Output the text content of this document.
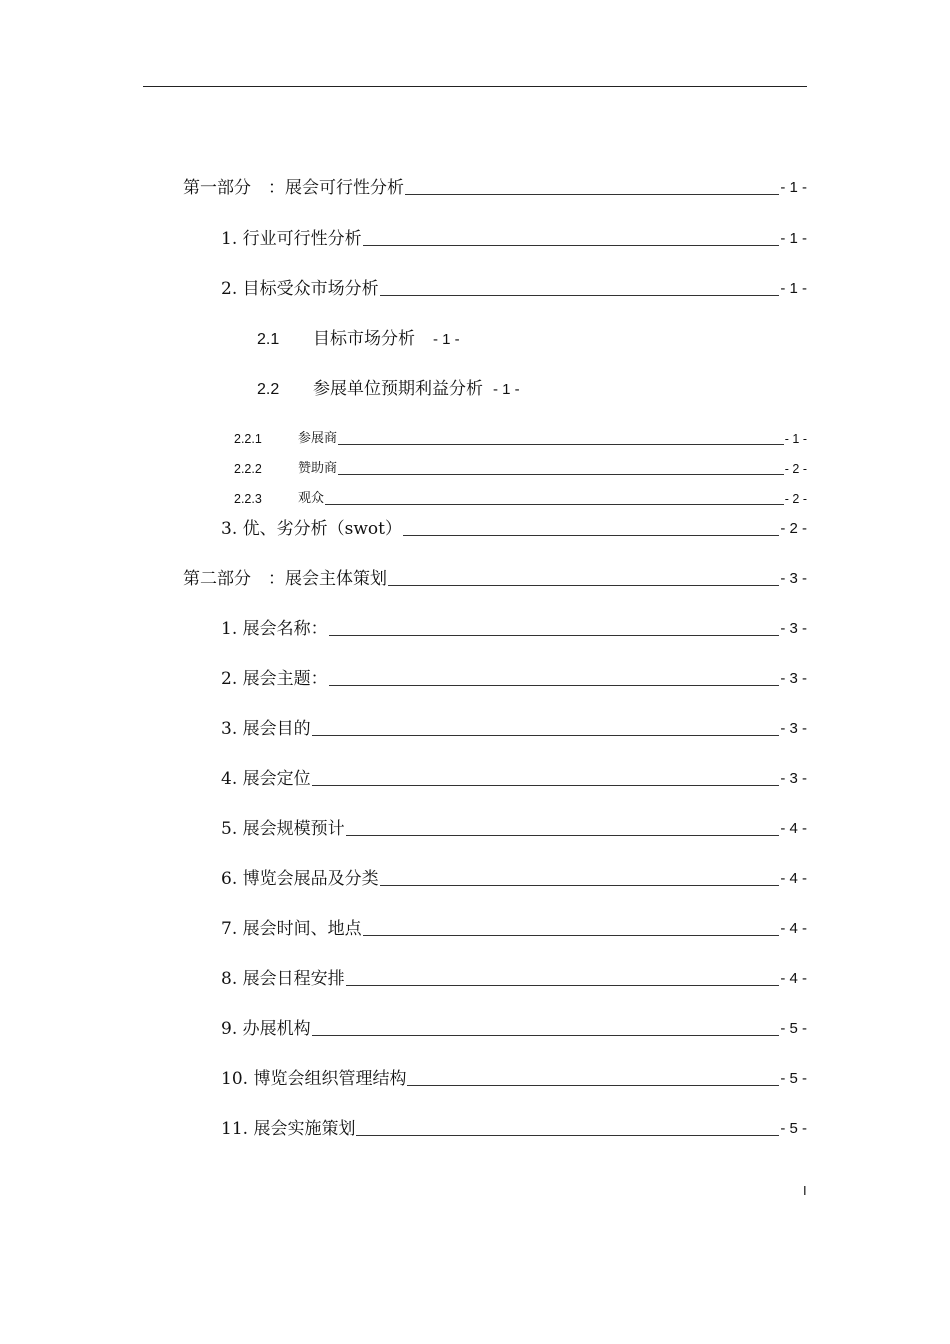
第一部分　：展会可行性分析	- 1 -
1. 行业可行性分析	- 1 -
2. 目标受众市场分析	- 1 -
2.1 目标市场分析 - 1 -
2.2 参展单位预期利益分析 - 1 -
2.2.1	参展商	- 1 -
2.2.2	赞助商	- 2 -
2.2.3	观众	- 2 -
3. 优、劣分析（swot）	- 2 -
第二部分　：展会主体策划	- 3 -
1. 展会名称：	- 3 -
2. 展会主题：	- 3 -
3. 展会目的	- 3 -
4. 展会定位	- 3 -
5. 展会规模预计	- 4 -
6. 博览会展品及分类	- 4 -
7. 展会时间、地点	- 4 -
8. 展会日程安排	- 4 -
9. 办展机构	- 5 -
10. 博览会组织管理结构	- 5 -
11. 展会实施策划	- 5 -
I
